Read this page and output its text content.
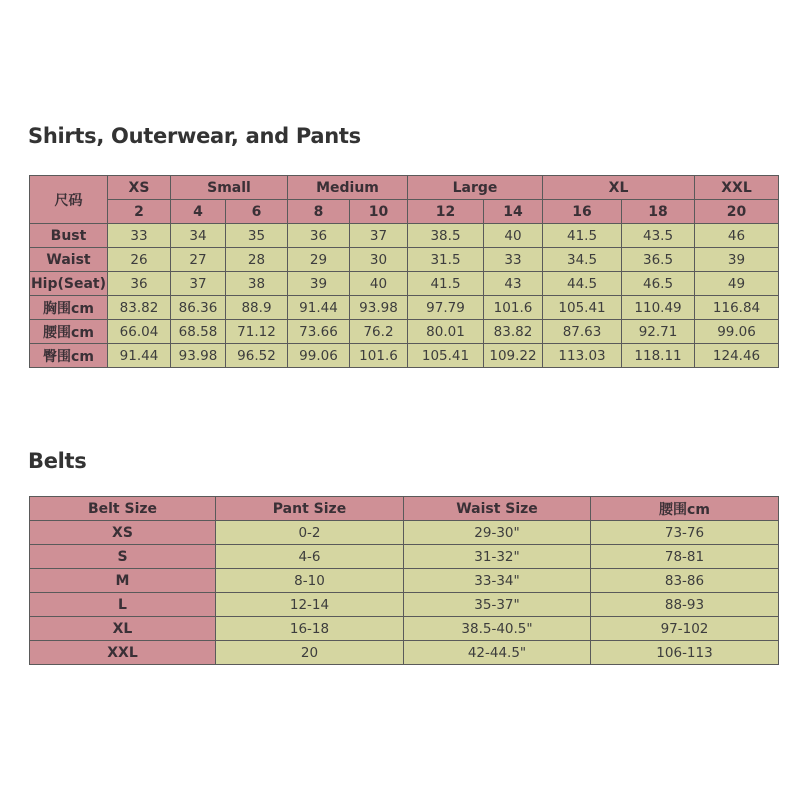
Shirts, Outerwear, and Pants
尺码	XS	Small		Medium		Large		XL		XXL
	2	4	6	8	10	12	14	16	18	20
Bust	33	34	35	36	37	38.5	40	41.5	43.5	46
Waist	26	27	28	29	30	31.5	33	34.5	36.5	39
Hip(Seat)	36	37	38	39	40	41.5	43	44.5	46.5	49
胸围cm	83.82	86.36	88.9	91.44	93.98	97.79	101.6	105.41	110.49	116.84
腰围cm	66.04	68.58	71.12	73.66	76.2	80.01	83.82	87.63	92.71	99.06
臀围cm	91.44	93.98	96.52	99.06	101.6	105.41	109.22	113.03	118.11	124.46
Belts
Belt Size	Pant Size	Waist Size	腰围cm
XS	0-2	29-30"	73-76
S	4-6	31-32"	78-81
M	8-10	33-34"	83-86
L	12-14	35-37"	88-93
XL	16-18	38.5-40.5"	97-102
XXL	20	42-44.5"	106-113
